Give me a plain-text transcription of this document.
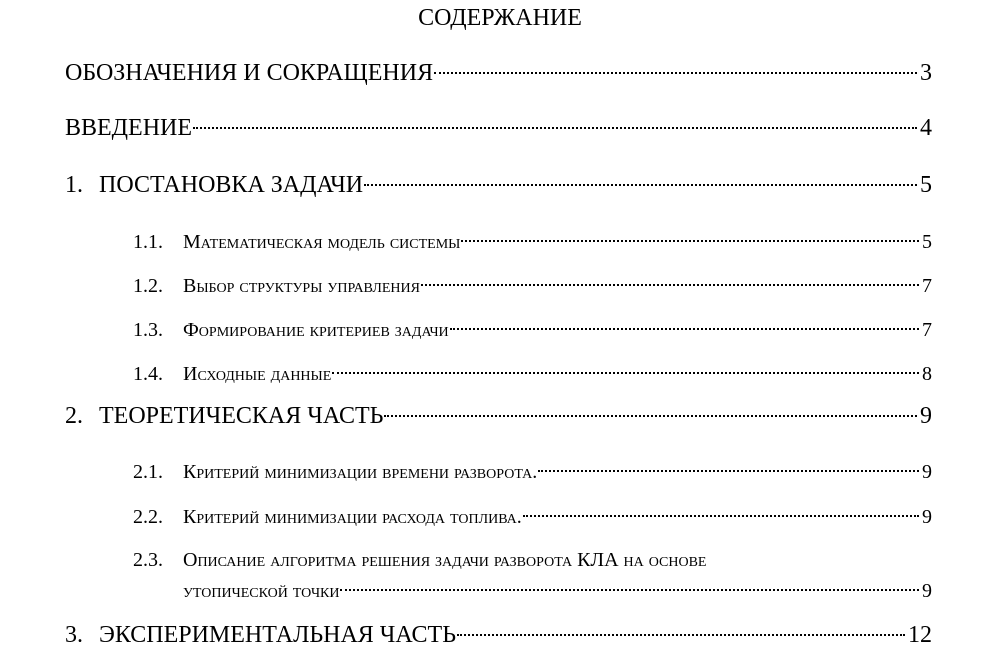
СОДЕРЖАНИЕ
ОБОЗНАЧЕНИЯ И СОКРАЩЕНИЯ	3
ВВЕДЕНИЕ	4
1. ПОСТАНОВКА ЗАДАЧИ	5
1.1.	Математическая модель системы	5
1.2.	Выбор структуры управления	7
1.3.	Формирование критериев задачи	7
1.4.	Исходные данные	8
2. ТЕОРЕТИЧЕСКАЯ ЧАСТЬ	9
2.1.	Критерий минимизации времени разворота.	9
2.2.	Критерий минимизации расхода топлива.	9
2.3. Описание алгоритма решения задачи разворота КЛА на основе
утопической точки	9
3. ЭКСПЕРИМЕНТАЛЬНАЯ ЧАСТЬ	12
